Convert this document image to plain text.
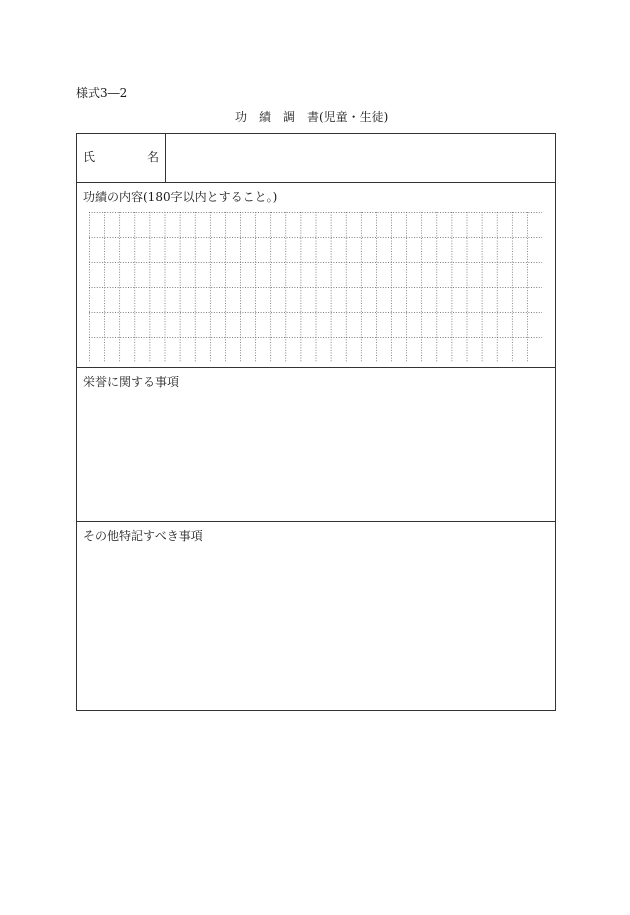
様式3―2
功　績　調　書(児童・生徒)
氏	名
功績の内容(180字以内とすること。)
栄誉に関する事項
その他特記すべき事項
